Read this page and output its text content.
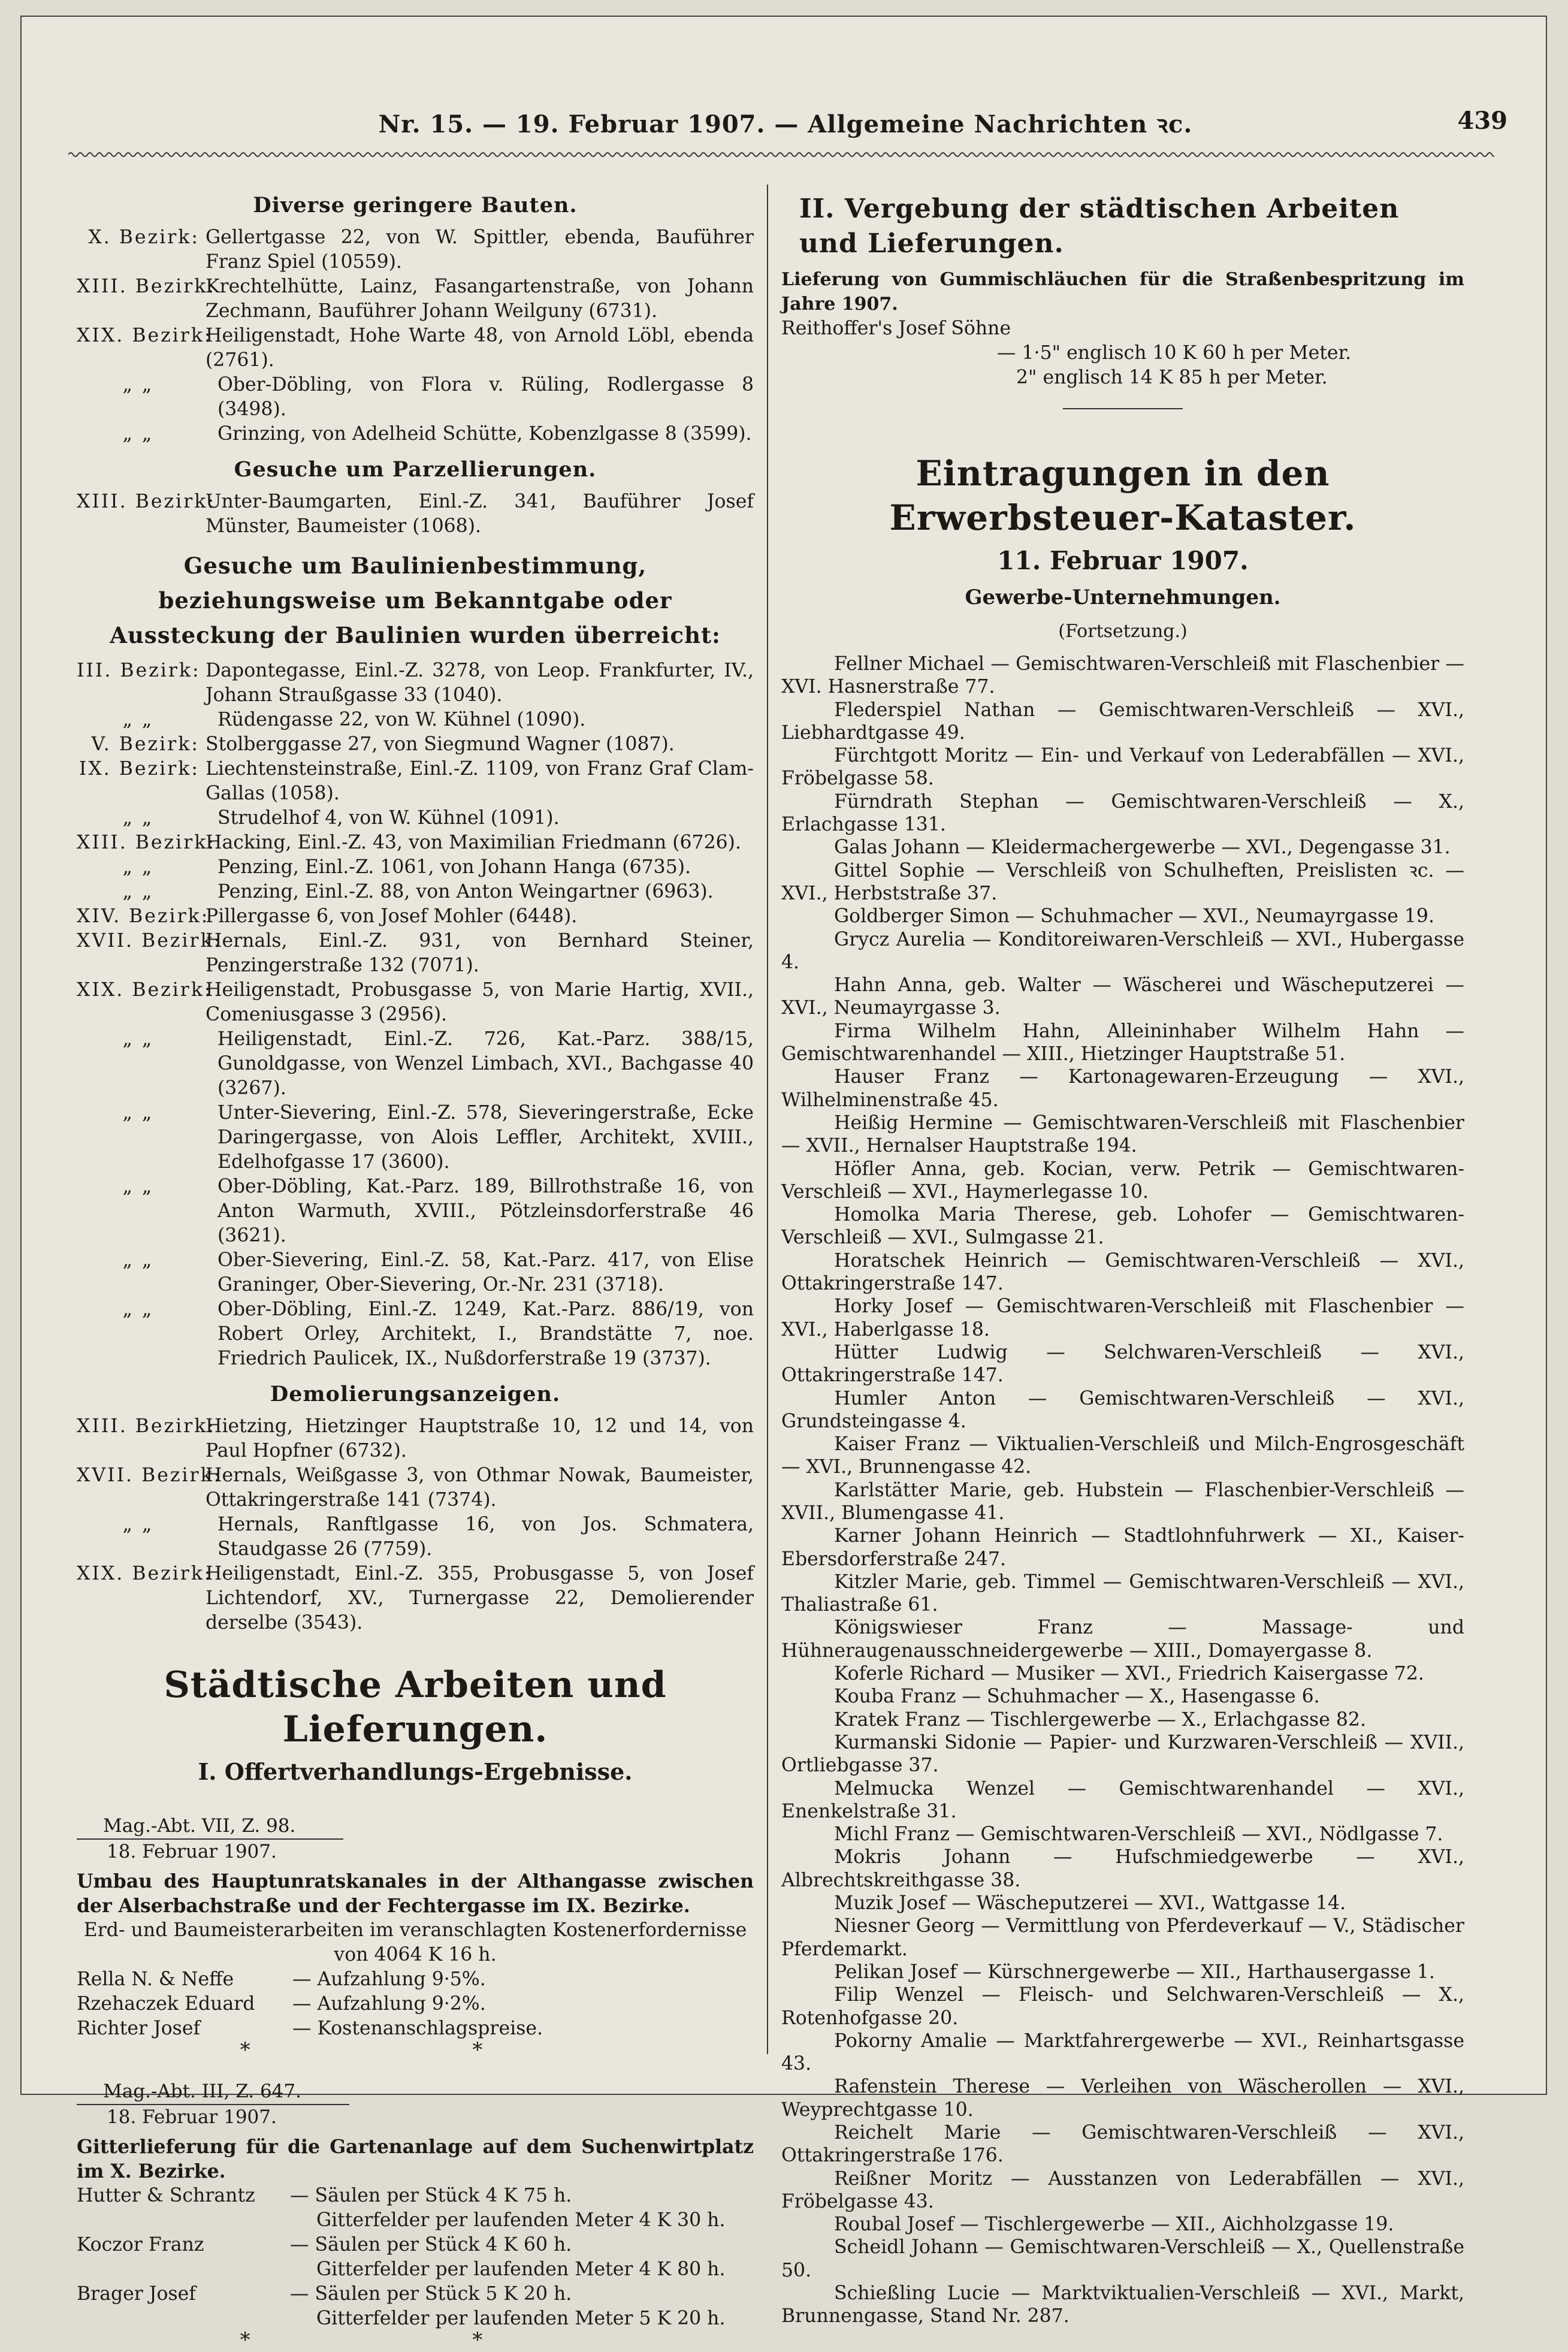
Nr. 15. — 19. Februar 1907. — Allgemeine Nachrichten ꝛc.	439
Diverse geringere Bauten.
X. Bezirk: Gellertgasse 22, von W. Spittler, ebenda, Bauführer Franz Spiel (10559).
XIII. Bezirk:
Krechtelhütte, Lainz, Fasangartenstraße, von Johann Zechmann, Bauführer Johann Weilguny (6731).
XIX. Bezirk:
Heiligenstadt, Hohe Warte 48, von Arnold Löbl, ebenda (2761).
„ „	Ober-Döbling, von Flora v. Rüling, Rodlergasse 8 (3498).
„ „	Grinzing, von Adelheid Schütte, Kobenzlgasse 8 (3599).
Gesuche um Parzellierungen.
XIII. Bezirk:
Unter-Baumgarten, Einl.-Z. 341, Bauführer Josef Münster, Baumeister (1068).
Gesuche um Baulinienbestimmung, beziehungsweise um Bekanntgabe oder Aussteckung der Baulinien wurden überreicht:
III. Bezirk: Dapontegasse, Einl.-Z. 3278, von Leop. Frankfurter, IV., Johann Straußgasse 33 (1040).
„ „	Rüdengasse 22, von W. Kühnel (1090).
V. Bezirk: Stolberggasse 27, von Siegmund Wagner (1087).
IX. Bezirk: Liechtensteinstraße, Einl.-Z. 1109, von Franz Graf Clam-Gallas (1058).
„ „	Strudelhof 4, von W. Kühnel (1091).
XIII. Bezirk:
Hacking, Einl.-Z. 43, von Maximilian Friedmann (6726).
„ „	Penzing, Einl.-Z. 1061, von Johann Hanga (6735).
„ „	Penzing, Einl.-Z. 88, von Anton Weingartner (6963).
XIV. Bezirk:
Pillergasse 6, von Josef Mohler (6448).
XVII. Bezirk:
Hernals, Einl.-Z. 931, von Bernhard Steiner, Penzingerstraße 132 (7071).
XIX. Bezirk:
Heiligenstadt, Probusgasse 5, von Marie Hartig, XVII., Comeniusgasse 3 (2956).
„ „	Heiligenstadt, Einl.-Z. 726, Kat.-Parz. 388/15, Gunoldgasse, von Wenzel Limbach, XVI., Bachgasse 40 (3267).
„ „	Unter-Sievering, Einl.-Z. 578, Sieveringerstraße, Ecke Daringergasse, von Alois Leffler, Architekt, XVIII., Edelhofgasse 17 (3600).
„ „	Ober-Döbling, Kat.-Parz. 189, Billrothstraße 16, von Anton Warmuth, XVIII., Pötzleinsdorferstraße 46 (3621).
„ „	Ober-Sievering, Einl.-Z. 58, Kat.-Parz. 417, von Elise Graninger, Ober-Sievering, Or.-Nr. 231 (3718).
„ „	Ober-Döbling, Einl.-Z. 1249, Kat.-Parz. 886/19, von Robert Orley, Architekt, I., Brandstätte 7, noe. Friedrich Paulicek, IX., Nußdorferstraße 19 (3737).
Demolierungsanzeigen.
XIII. Bezirk:
Hietzing, Hietzinger Hauptstraße 10, 12 und 14, von Paul Hopfner (6732).
XVII. Bezirk:
Hernals, Weißgasse 3, von Othmar Nowak, Baumeister, Ottakringerstraße 141 (7374).
„ „	Hernals, Ranftlgasse 16, von Jos. Schmatera, Staudgasse 26 (7759).
XIX. Bezirk:
Heiligenstadt, Einl.-Z. 355, Probusgasse 5, von Josef Lichtendorf, XV., Turnergasse 22, Demolierender derselbe (3543).
Städtische Arbeiten und Lieferungen.
I. Offertverhandlungs-Ergebnisse.
Mag.-Abt. VII, Z. 98.
18. Februar 1907.
Umbau des Hauptunratskanales in der Althangasse zwischen der Alserbachstraße und der Fechtergasse im IX. Bezirke.
Erd- und Baumeisterarbeiten im veranschlagten Kostenerfordernisse von 4064 K 16 h.
Rella N. & Neffe	— Aufzahlung 9·5%.
Rzehaczek Eduard	— Aufzahlung 9·2%.
Richter Josef	— Kostenanschlagspreise.
* *
Mag.-Abt. III, Z. 647.
18. Februar 1907.
Gitterlieferung für die Gartenanlage auf dem Suchenwirtplatz im X. Bezirke.
Hutter & Schrantz	— Säulen per Stück 4 K 75 h.
Gitterfelder per laufenden Meter 4 K 30 h.
Koczor Franz	— Säulen per Stück 4 K 60 h.
Gitterfelder per laufenden Meter 4 K 80 h.
Brager Josef	— Säulen per Stück 5 K 20 h.
Gitterfelder per laufenden Meter 5 K 20 h.
* *
II. Vergebung der städtischen Arbeiten und Lieferungen.
Lieferung von Gummischläuchen für die Straßenbespritzung im Jahre 1907.
Reithoffer's Josef Söhne
— 1·5" englisch 10 K 60 h per Meter.
2" englisch 14 K 85 h per Meter.
Eintragungen in den Erwerbsteuer-Kataster.
11. Februar 1907.
Gewerbe-Unternehmungen.
(Fortsetzung.)
Fellner Michael — Gemischtwaren-Verschleiß mit Flaschenbier — XVI. Hasnerstraße 77.
Flederspiel Nathan — Gemischtwaren-Verschleiß — XVI., Liebhardtgasse 49.
Fürchtgott Moritz — Ein- und Verkauf von Lederabfällen — XVI., Fröbelgasse 58.
Fürndrath Stephan — Gemischtwaren-Verschleiß — X., Erlachgasse 131.
Galas Johann — Kleidermachergewerbe — XVI., Degengasse 31.
Gittel Sophie — Verschleiß von Schulheften, Preislisten ꝛc. — XVI., Herbststraße 37.
Goldberger Simon — Schuhmacher — XVI., Neumayrgasse 19.
Grycz Aurelia — Konditoreiwaren-Verschleiß — XVI., Hubergasse 4.
Hahn Anna, geb. Walter — Wäscherei und Wäscheputzerei — XVI., Neumayrgasse 3.
Firma Wilhelm Hahn, Alleininhaber Wilhelm Hahn — Gemischtwarenhandel — XIII., Hietzinger Hauptstraße 51.
Hauser Franz — Kartonagewaren-Erzeugung — XVI., Wilhelminenstraße 45.
Heißig Hermine — Gemischtwaren-Verschleiß mit Flaschenbier — XVII., Hernalser Hauptstraße 194.
Höfler Anna, geb. Kocian, verw. Petrik — Gemischtwaren-Verschleiß — XVI., Haymerlegasse 10.
Homolka Maria Therese, geb. Lohofer — Gemischtwaren-Verschleiß — XVI., Sulmgasse 21.
Horatschek Heinrich — Gemischtwaren-Verschleiß — XVI., Ottakringerstraße 147.
Horky Josef — Gemischtwaren-Verschleiß mit Flaschenbier — XVI., Haberlgasse 18.
Hütter Ludwig — Selchwaren-Verschleiß — XVI., Ottakringerstraße 147.
Humler Anton — Gemischtwaren-Verschleiß — XVI., Grundsteingasse 4.
Kaiser Franz — Viktualien-Verschleiß und Milch-Engrosgeschäft — XVI., Brunnengasse 42.
Karlstätter Marie, geb. Hubstein — Flaschenbier-Verschleiß — XVII., Blumengasse 41.
Karner Johann Heinrich — Stadtlohnfuhrwerk — XI., Kaiser-Ebersdorferstraße 247.
Kitzler Marie, geb. Timmel — Gemischtwaren-Verschleiß — XVI., Thaliastraße 61.
Königswieser Franz — Massage- und Hühneraugenausschneidergewerbe — XIII., Domayergasse 8.
Koferle Richard — Musiker — XVI., Friedrich Kaisergasse 72.
Kouba Franz — Schuhmacher — X., Hasengasse 6.
Kratek Franz — Tischlergewerbe — X., Erlachgasse 82.
Kurmanski Sidonie — Papier- und Kurzwaren-Verschleiß — XVII., Ortliebgasse 37.
Melmucka Wenzel — Gemischtwarenhandel — XVI., Enenkelstraße 31.
Michl Franz — Gemischtwaren-Verschleiß — XVI., Nödlgasse 7.
Mokris Johann — Hufschmiedgewerbe — XVI., Albrechtskreithgasse 38.
Muzik Josef — Wäscheputzerei — XVI., Wattgasse 14.
Niesner Georg — Vermittlung von Pferdeverkauf — V., Städischer Pferdemarkt.
Pelikan Josef — Kürschnergewerbe — XII., Harthausergasse 1.
Filip Wenzel — Fleisch- und Selchwaren-Verschleiß — X., Rotenhofgasse 20.
Pokorny Amalie — Marktfahrergewerbe — XVI., Reinhartsgasse 43.
Rafenstein Therese — Verleihen von Wäscherollen — XVI., Weyprechtgasse 10.
Reichelt Marie — Gemischtwaren-Verschleiß — XVI., Ottakringerstraße 176.
Reißner Moritz — Ausstanzen von Lederabfällen — XVI., Fröbelgasse 43.
Roubal Josef — Tischlergewerbe — XII., Aichholzgasse 19.
Scheidl Johann — Gemischtwaren-Verschleiß — X., Quellenstraße 50.
Schießling Lucie — Marktviktualien-Verschleiß — XVI., Markt, Brunnengasse, Stand Nr. 287.
